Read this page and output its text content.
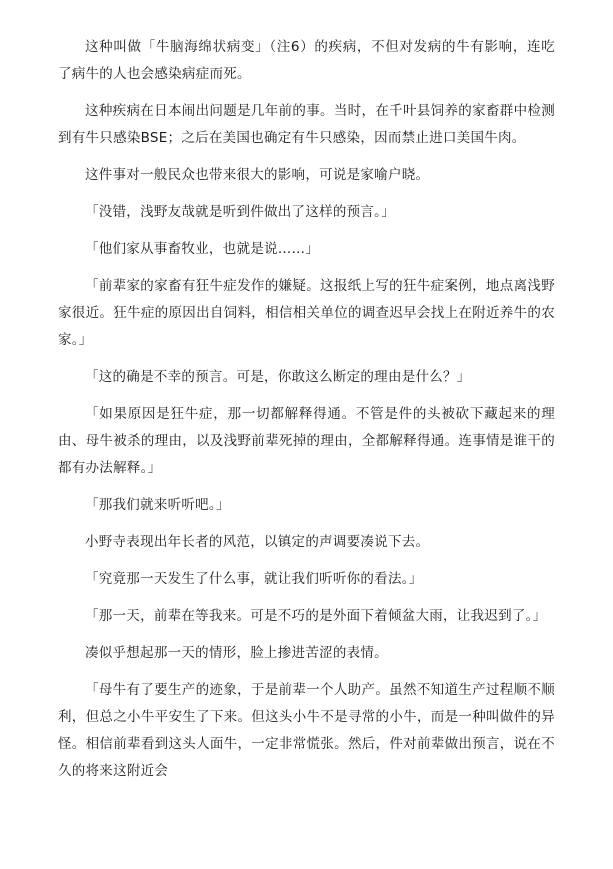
这种叫做「牛脑海绵状病变」（注6）的疾病，不但对发病的牛有影响，连吃了病牛的人也会感染病症而死。

这种疾病在日本闹出问题是几年前的事。当时，在千叶县饲养的家畜群中检测到有牛只感染BSE；之后在美国也确定有牛只感染，因而禁止进口美国牛肉。

这件事对一般民众也带来很大的影响，可说是家喻户晓。

「没错，浅野友哉就是听到件做出了这样的预言。」

「他们家从事畜牧业，也就是说……」

「前辈家的家畜有狂牛症发作的嫌疑。这报纸上写的狂牛症案例，地点离浅野家很近。狂牛症的原因出自饲料，相信相关单位的调查迟早会找上在附近养牛的农家。」

「这的确是不幸的预言。可是，你敢这么断定的理由是什么？」

「如果原因是狂牛症，那一切都解释得通。不管是件的头被砍下藏起来的理由、母牛被杀的理由，以及浅野前辈死掉的理由，全都解释得通。连事情是谁干的都有办法解释。」

「那我们就来听听吧。」

小野寺表现出年长者的风范，以镇定的声调要凑说下去。

「究竟那一天发生了什么事，就让我们听听你的看法。」

「那一天，前辈在等我来。可是不巧的是外面下着倾盆大雨，让我迟到了。」

凑似乎想起那一天的情形，脸上掺进苦涩的表情。

「母牛有了要生产的迹象，于是前辈一个人助产。虽然不知道生产过程顺不顺利，但总之小牛平安生了下来。但这头小牛不是寻常的小牛，而是一种叫做件的异怪。相信前辈看到这头人面牛，一定非常慌张。然后，件对前辈做出预言，说在不久的将来这附近会
